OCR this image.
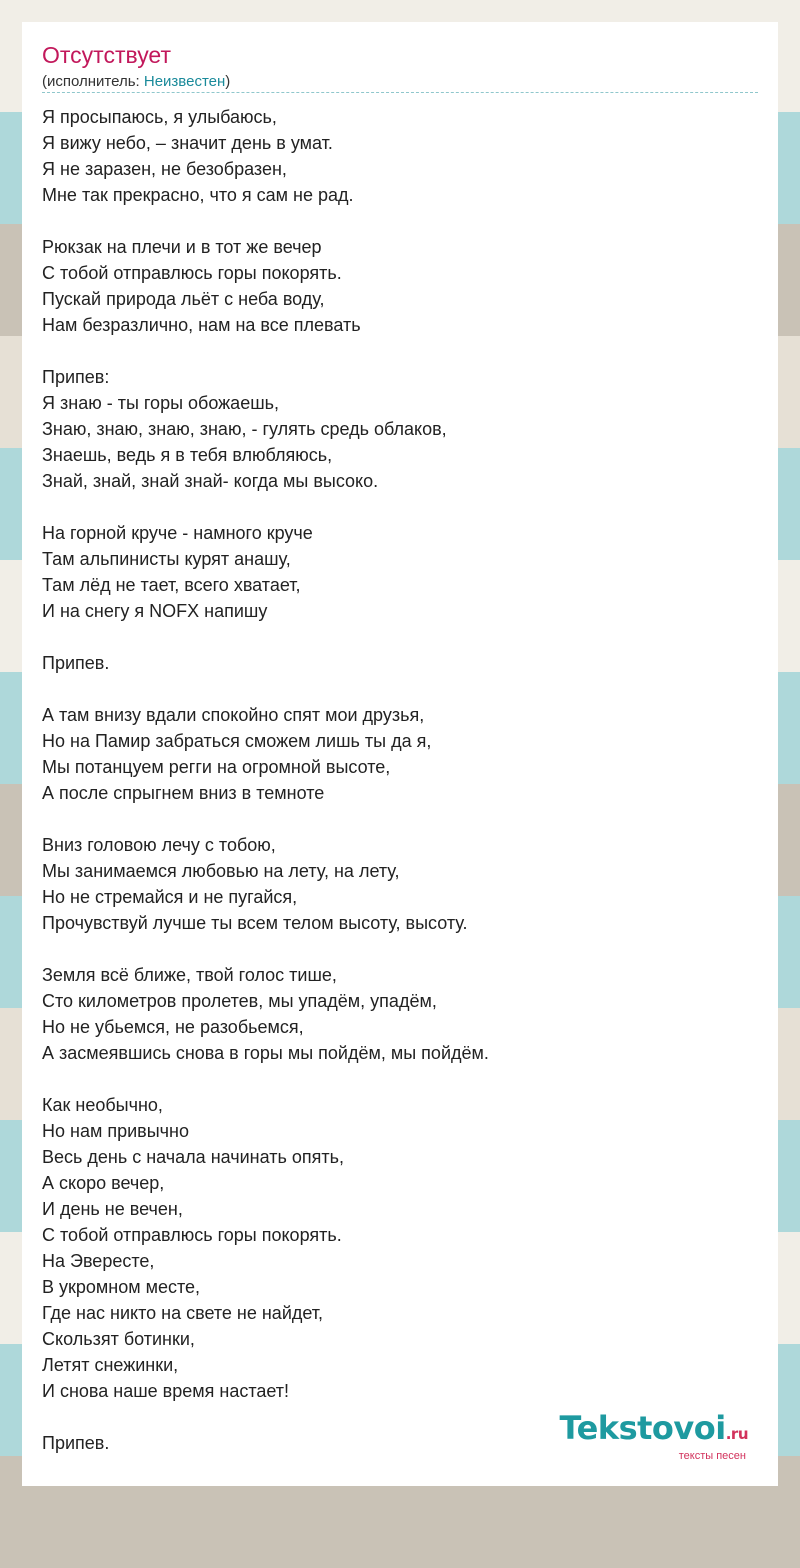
Отсутствует
(исполнитель: Неизвестен)
Я просыпаюсь, я улыбаюсь,
Я вижу небо, – значит день в умат.
Я не заразен, не безобразен,
Мне так прекрасно, что я сам не рад.
Рюкзак на плечи и в тот же вечер
С тобой отправлюсь горы покорять.
Пускай природа льёт с неба воду,
Нам безразлично, нам на все плевать
Припев:
Я знаю - ты горы обожаешь,
Знаю, знаю, знаю, знаю, - гулять средь облаков,
Знаешь, ведь я в тебя влюбляюсь,
Знай, знай, знай знай- когда мы высоко.
На горной круче - намного круче
Там альпинисты курят анашу,
Там лёд не тает, всего хватает,
И на снегу я NOFX напишу
Припев.
А там внизу вдали спокойно спят мои друзья,
Но на Памир забраться сможем лишь ты да я,
Мы потанцуем регги на огромной высоте,
А после спрыгнем вниз в темноте
Вниз головою лечу с тобою,
Мы занимаемся любовью на лету, на лету,
Но не стремайся и не пугайся,
Прочувствуй лучше ты всем телом высоту, высоту.
Земля всё ближе, твой голос тише,
Сто километров пролетев, мы упадём, упадём,
Но не убьемся, не разобьемся,
А засмеявшись снова в горы мы пойдём, мы пойдём.
Как необычно,
Но нам привычно
Весь день с начала начинать опять,
А скоро вечер,
И день не вечен,
С тобой отправлюсь горы покорять.
На Эвересте,
В укромном месте,
Где нас никто на свете не найдет,
Скользят ботинки,
Летят снежинки,
И снова наше время настает!
Припев.	Tekstovoi.ru
тексты песен
